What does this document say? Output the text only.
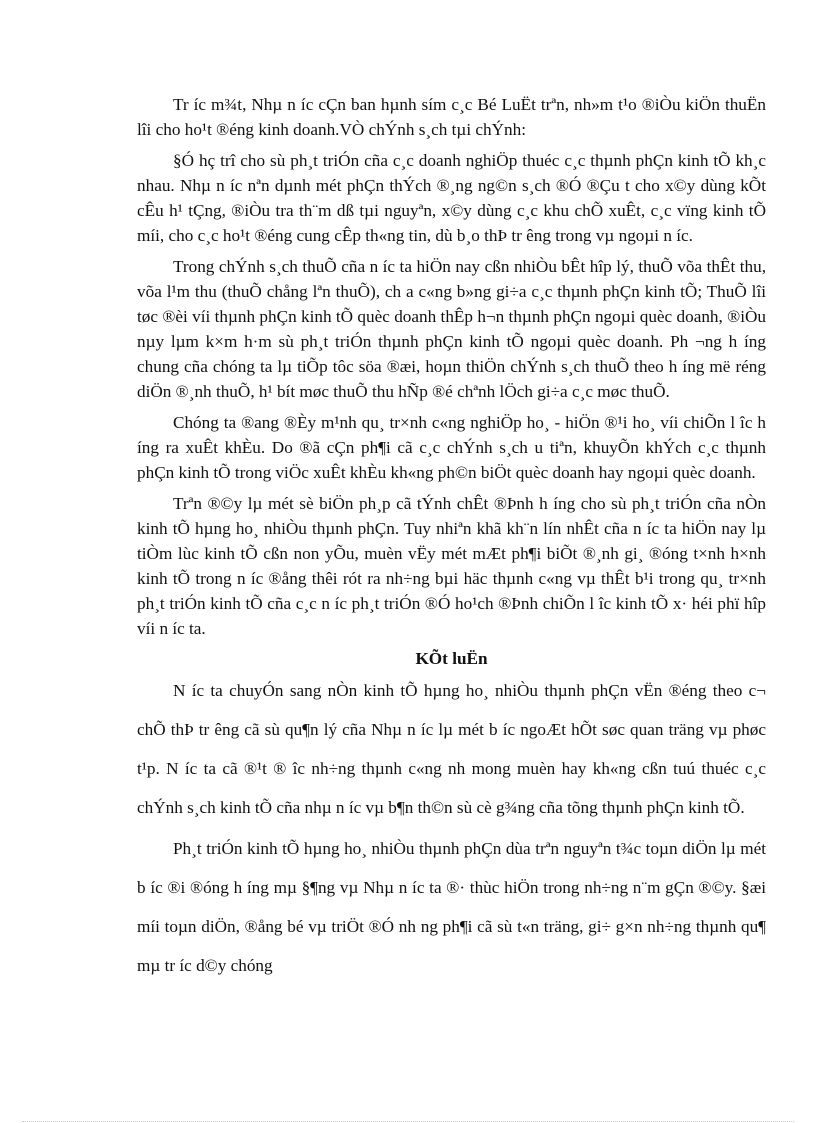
Tr íc m¾t, Nhµ n íc cÇn ban hµnh sím c¸c Bé LuËt trªn, nh»m t¹o ®iÒu kiÖn thuËn lîi cho ho¹t ®éng kinh doanh.VÒ chÝnh s¸ch tµi chÝnh:

§Ó hç trî cho sù ph¸t triÓn cña c¸c doanh nghiÖp thuéc c¸c thµnh phÇn kinh tÕ kh¸c nhau. Nhµ n íc nªn dµnh mét phÇn thÝch ®¸ng ng©n s¸ch ®Ó ®Çu t cho x©y dùng kÕt cÊu h¹ tÇng, ®iÒu tra th¨m dß tµi nguyªn, x©y dùng c¸c khu chÕ xuÊt, c¸c vïng kinh tÕ míi, cho c¸c ho¹t ®éng cung cÊp th«ng tin, dù b¸o thÞ tr êng trong vµ ngoµi n íc.

Trong chÝnh s¸ch thuÕ cña n íc ta hiÖn nay cßn nhiÒu bÊt hîp lý, thuÕ võa thÊt thu, võa l¹m thu (thuÕ chång lªn thuÕ), ch a c«ng b»ng gi÷a c¸c thµnh phÇn kinh tÕ; ThuÕ lîi tøc ®èi víi thµnh phÇn kinh tÕ quèc doanh thÊp h¬n thµnh phÇn ngoµi quèc doanh, ®iÒu nµy lµm k×m h·m sù ph¸t triÓn thµnh phÇn kinh tÕ ngoµi quèc doanh. Ph ¬ng h íng chung cña chóng ta lµ tiÕp tôc söa ®æi, hoµn thiÖn chÝnh s¸ch thuÕ theo h íng më réng diÖn ®¸nh thuÕ, h¹ bít møc thuÕ thu hÑp ®é chªnh lÖch gi÷a c¸c møc thuÕ.

Chóng ta ®ang ®Èy m¹nh qu¸ tr×nh c«ng nghiÖp ho¸ - hiÖn ®¹i ho¸ víi chiÕn l îc h íng ra xuÊt khÈu. Do ®ã cÇn ph¶i cã c¸c chÝnh s¸ch u tiªn, khuyÕn khÝch c¸c thµnh phÇn kinh tÕ trong viÖc xuÊt khÈu kh«ng ph©n biÖt quèc doanh hay ngoµi quèc doanh.

Trªn ®©y lµ mét sè biÖn ph¸p cã tÝnh chÊt ®Þnh h íng cho sù ph¸t triÓn cña nÒn kinh tÕ hµng ho¸ nhiÒu thµnh phÇn. Tuy nhiªn khã kh¨n lín nhÊt cña n íc ta hiÖn nay lµ tiÒm lùc kinh tÕ cßn non yÕu, muèn vËy mét mÆt ph¶i biÕt ®¸nh gi¸ ®óng t×nh h×nh kinh tÕ trong n íc ®ång thêi rót ra nh÷ng bµi häc thµnh c«ng vµ thÊt b¹i trong qu¸ tr×nh ph¸t triÓn kinh tÕ cña c¸c n íc ph¸t triÓn ®Ó ho¹ch ®Þnh chiÕn l îc kinh tÕ x· héi phï hîp víi n íc ta.

KÕt luËn

N íc ta chuyÓn sang nÒn kinh tÕ hµng ho¸ nhiÒu thµnh phÇn vËn ®éng theo c¬ chÕ thÞ tr êng cã sù qu¶n lý cña Nhµ n íc lµ mét b íc ngoÆt hÕt søc quan träng vµ phøc t¹p. N íc ta cã ®¹t ® îc nh÷ng thµnh c«ng nh mong muèn hay kh«ng cßn tuú thuéc c¸c chÝnh s¸ch kinh tÕ cña nhµ n íc vµ b¶n th©n sù cè g¾ng cña tõng thµnh phÇn kinh tÕ.

Ph¸t triÓn kinh tÕ hµng ho¸ nhiÒu thµnh phÇn dùa trªn nguyªn t¾c toµn diÖn lµ mét b íc ®i ®óng h íng mµ §¶ng vµ Nhµ n íc ta ®· thùc hiÖn trong nh÷ng n¨m gÇn ®©y. §æi míi toµn diÖn, ®ång bé vµ triÖt ®Ó nh ng ph¶i cã sù t«n träng, gi÷ g×n nh÷ng thµnh qu¶ mµ tr íc d©y chóng
